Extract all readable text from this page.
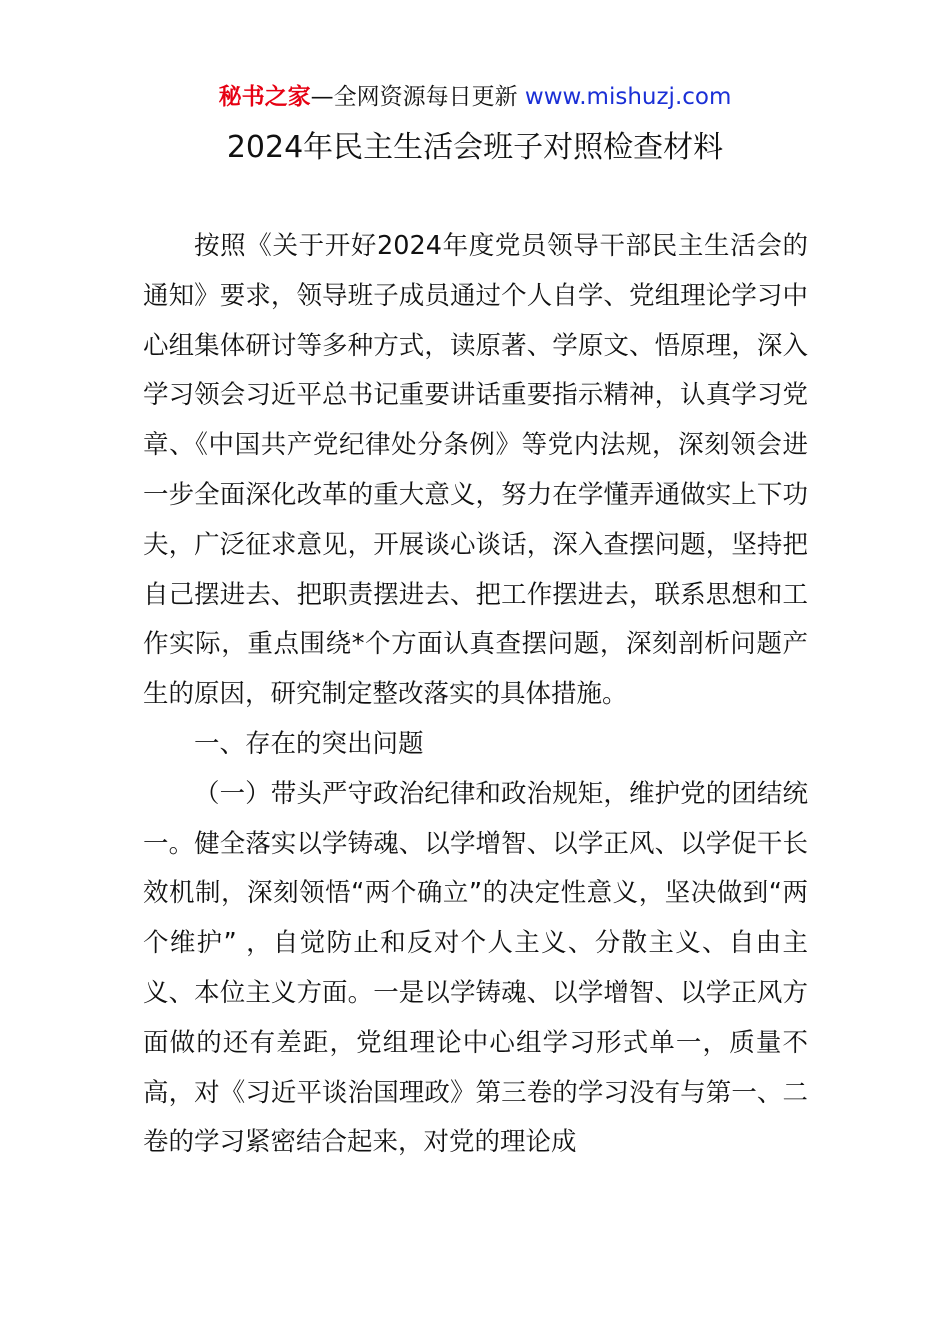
秘书之家—全网资源每日更新 www.mishuzj.com
2024年民主生活会班子对照检查材料

按照《关于开好2024年度党员领导干部民主生活会的通知》要求，领导班子成员通过个人自学、党组理论学习中心组集体研讨等多种方式，读原著、学原文、悟原理，深入学习领会习近平总书记重要讲话重要指示精神，认真学习党章、《中国共产党纪律处分条例》等党内法规，深刻领会进一步全面深化改革的重大意义，努力在学懂弄通做实上下功夫，广泛征求意见，开展谈心谈话，深入查摆问题，坚持把自己摆进去、把职责摆进去、把工作摆进去，联系思想和工作实际，重点围绕*个方面认真查摆问题，深刻剖析问题产生的原因，研究制定整改落实的具体措施。

一、存在的突出问题

（一）带头严守政治纪律和政治规矩，维护党的团结统一。健全落实以学铸魂、以学增智、以学正风、以学促干长效机制，深刻领悟“两个确立”的决定性意义，坚决做到“两个维护” ，自觉防止和反对个人主义、分散主义、自由主义、本位主义方面。一是以学铸魂、以学增智、以学正风方面做的还有差距，党组理论中心组学习形式单一，质量不高，对《习近平谈治国理政》第三卷的学习没有与第一、二卷的学习紧密结合起来，对党的理论成
